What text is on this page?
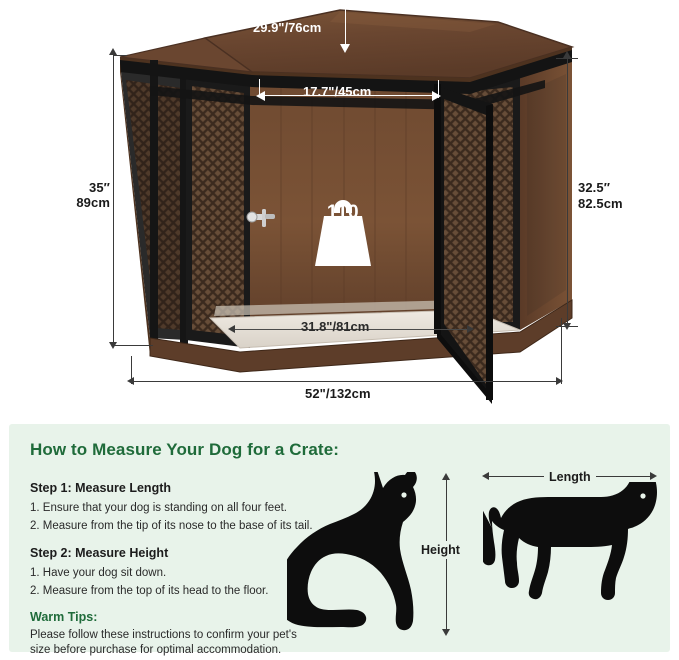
110
LB
29.9"/76cm
17.7"/45cm
35″
89cm
32.5″
82.5cm
31.8"/81cm
52"/132cm
How to Measure Your Dog for a Crate:
Step 1: Measure Length
1. Ensure that your dog is standing on all four feet.
2. Measure from the tip of its nose to the base of its tail.
Step 2: Measure Height
1. Have your dog sit down.
2. Measure from the top of its head to the floor.
Warm Tips:
Please follow these instructions to confirm your pet's
size before purchase for optimal accommodation.
Height
Length
